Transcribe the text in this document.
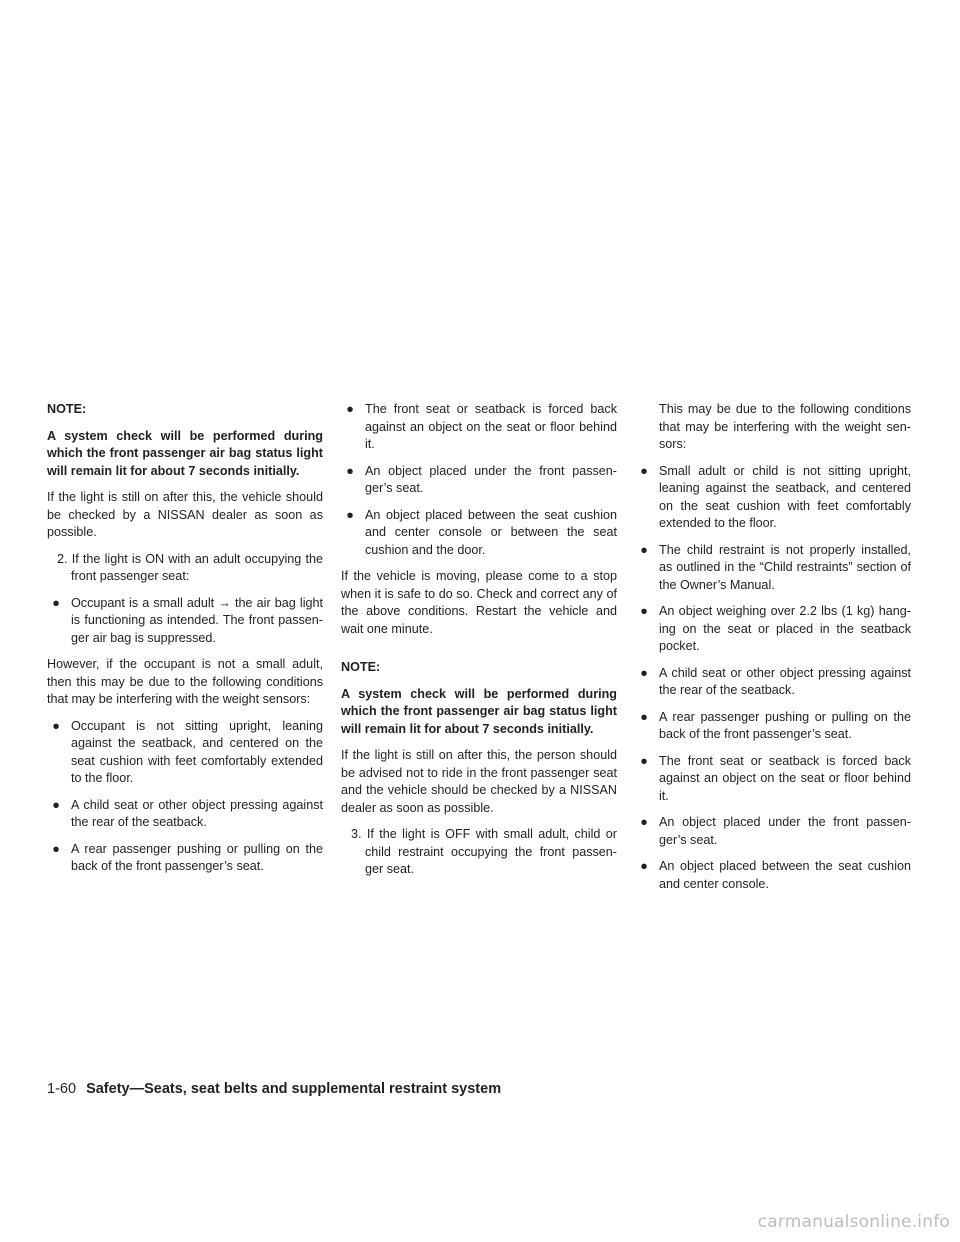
NOTE:
A system check will be performed during which the front passenger air bag status light will remain lit for about 7 seconds initially.

If the light is still on after this, the vehicle should be checked by a NISSAN dealer as soon as possible.

2. If the light is ON with an adult occupying the front passenger seat:
● Occupant is a small adult → the air bag light is functioning as intended. The front passen- ger air bag is suppressed.

However, if the occupant is not a small adult, then this may be due to the following conditions that may be interfering with the weight sensors:

● Occupant is not sitting upright, leaning against the seatback, and centered on the seat cushion with feet comfortably extended to the floor.
● A child seat or other object pressing against the rear of the seatback.
● A rear passenger pushing or pulling on the back of the front passenger’s seat.
● The front seat or seatback is forced back against an object on the seat or floor behind it.
● An object placed under the front passen- ger’s seat.
● An object placed between the seat cushion and center console or between the seat cushion and the door.

If the vehicle is moving, please come to a stop when it is safe to do so. Check and correct any of the above conditions. Restart the vehicle and wait one minute.

NOTE:
A system check will be performed during which the front passenger air bag status light will remain lit for about 7 seconds initially.

If the light is still on after this, the person should be advised not to ride in the front passenger seat and the vehicle should be checked by a NISSAN dealer as soon as possible.

3. If the light is OFF with small adult, child or child restraint occupying the front passen- ger seat.
This may be due to the following conditions that may be interfering with the weight sen- sors:
● Small adult or child is not sitting upright, leaning against the seatback, and centered on the seat cushion with feet comfortably extended to the floor.
● The child restraint is not properly installed, as outlined in the “Child restraints” section of the Owner’s Manual.
● An object weighing over 2.2 lbs (1 kg) hang- ing on the seat or placed in the seatback pocket.
● A child seat or other object pressing against the rear of the seatback.
● A rear passenger pushing or pulling on the back of the front passenger’s seat.
● The front seat or seatback is forced back against an object on the seat or floor behind it.
● An object placed under the front passen- ger’s seat.
● An object placed between the seat cushion and center console.
1-60 Safety—Seats, seat belts and supplemental restraint system
carmanualsonline.info
